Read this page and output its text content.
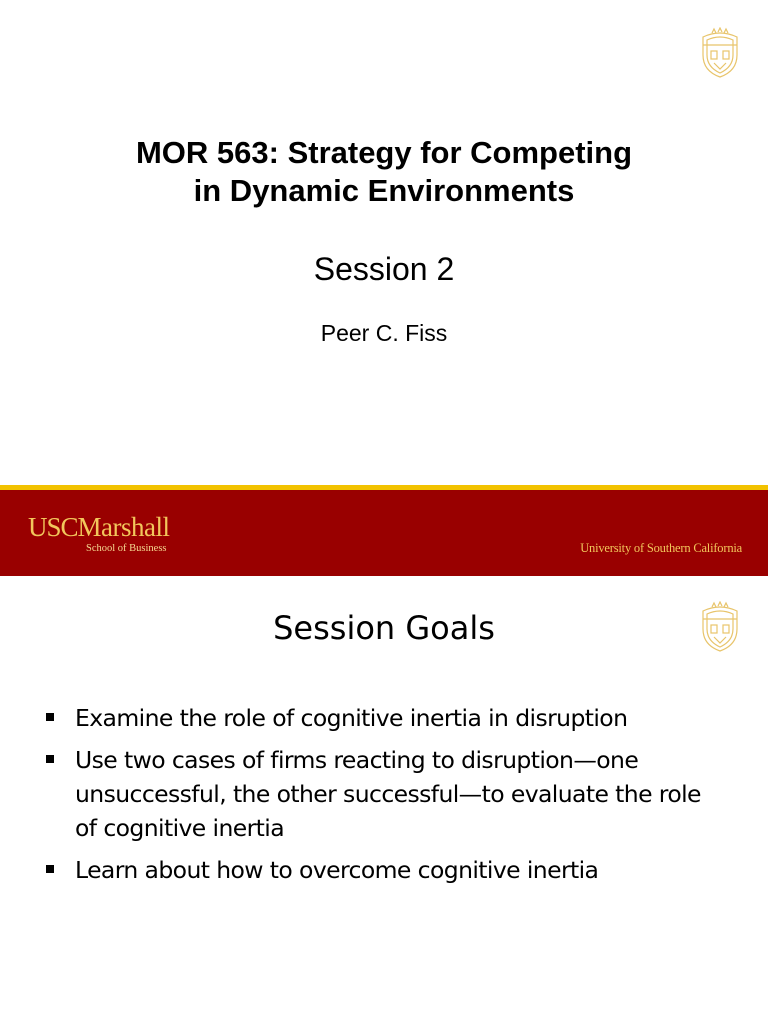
MOR 563: Strategy for Competing
in Dynamic Environments
Session 2
Peer C. Fiss
USCMarshall
School of Business	University of Southern California
Session Goals
Examine the role of cognitive inertia in disruption
Use two cases of firms reacting to disruption—one unsuccessful, the other successful—to evaluate the role of cognitive inertia
Learn about how to overcome cognitive inertia
